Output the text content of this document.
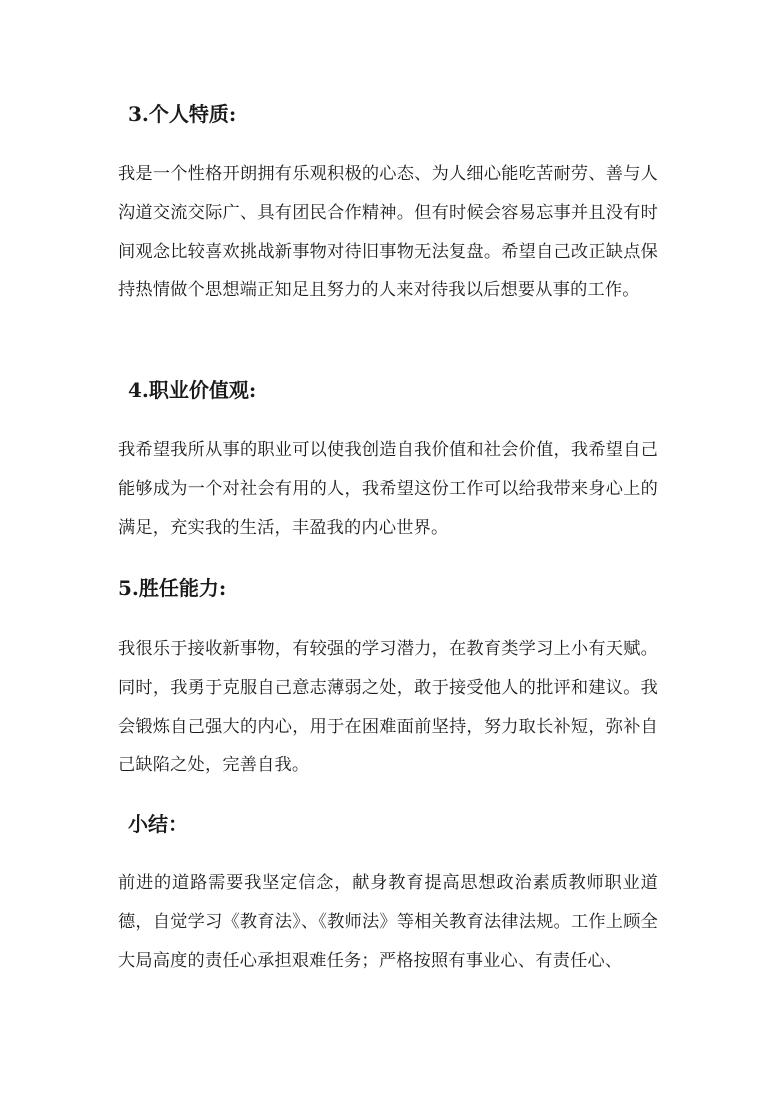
3.个人特质:

我是一个性格开朗拥有乐观积极的心态、为人细心能吃苦耐劳、善与人沟道交流交际广、具有团民合作精神。但有时候会容易忘事并且没有时间观念比较喜欢挑战新事物对待旧事物无法复盘。希望自己改正缺点保持热情做个思想端正知足且努力的人来对待我以后想要从事的工作。

4.职业价值观:

我希望我所从事的职业可以使我创造自我价值和社会价值，我希望自己能够成为一个对社会有用的人，我希望这份工作可以给我带来身心上的满足，充实我的生活，丰盈我的内心世界。

5.胜任能力:

我很乐于接收新事物，有较强的学习潜力，在教育类学习上小有天赋。同时，我勇于克服自己意志薄弱之处，敢于接受他人的批评和建议。我会锻炼自己强大的内心，用于在困难面前坚持，努力取长补短，弥补自己缺陷之处，完善自我。

小结：

前进的道路需要我坚定信念，献身教育提高思想政治素质教师职业道德，自觉学习《教育法》、《教师法》等相关教育法律法规。工作上顾全大局高度的责任心承担艰难任务；严格按照有事业心、有责任心、
